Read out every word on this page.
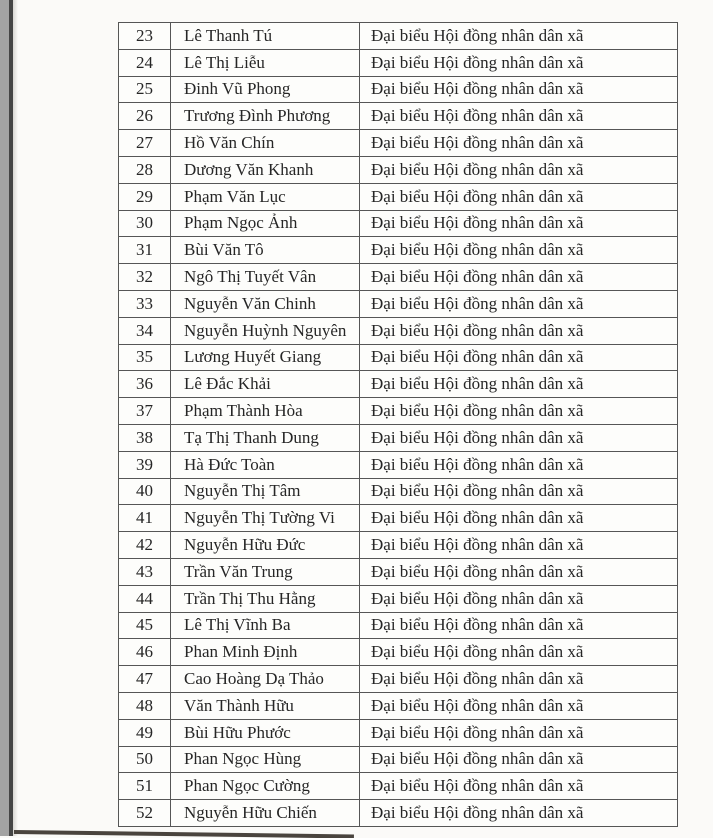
23	Lê Thanh Tú	Đại biểu Hội đồng nhân dân xã
24	Lê Thị Liễu	Đại biểu Hội đồng nhân dân xã
25	Đinh Vũ Phong	Đại biểu Hội đồng nhân dân xã
26	Trương Đình Phương	Đại biểu Hội đồng nhân dân xã
27	Hồ Văn Chín	Đại biểu Hội đồng nhân dân xã
28	Dương Văn Khanh	Đại biểu Hội đồng nhân dân xã
29	Phạm Văn Lục	Đại biểu Hội đồng nhân dân xã
30	Phạm Ngọc Ảnh	Đại biểu Hội đồng nhân dân xã
31	Bùi Văn Tô	Đại biểu Hội đồng nhân dân xã
32	Ngô Thị Tuyết Vân	Đại biểu Hội đồng nhân dân xã
33	Nguyễn Văn Chinh	Đại biểu Hội đồng nhân dân xã
34	Nguyễn Huỳnh Nguyên	Đại biểu Hội đồng nhân dân xã
35	Lương Huyết Giang	Đại biểu Hội đồng nhân dân xã
36	Lê Đắc Khải	Đại biểu Hội đồng nhân dân xã
37	Phạm Thành Hòa	Đại biểu Hội đồng nhân dân xã
38	Tạ Thị Thanh Dung	Đại biểu Hội đồng nhân dân xã
39	Hà Đức Toàn	Đại biểu Hội đồng nhân dân xã
40	Nguyễn Thị Tâm	Đại biểu Hội đồng nhân dân xã
41	Nguyễn Thị Tường Vi	Đại biểu Hội đồng nhân dân xã
42	Nguyễn Hữu Đức	Đại biểu Hội đồng nhân dân xã
43	Trần Văn Trung	Đại biểu Hội đồng nhân dân xã
44	Trần Thị Thu Hằng	Đại biểu Hội đồng nhân dân xã
45	Lê Thị Vĩnh Ba	Đại biểu Hội đồng nhân dân xã
46	Phan Minh Định	Đại biểu Hội đồng nhân dân xã
47	Cao Hoàng Dạ Thảo	Đại biểu Hội đồng nhân dân xã
48	Văn Thành Hữu	Đại biểu Hội đồng nhân dân xã
49	Bùi Hữu Phước	Đại biểu Hội đồng nhân dân xã
50	Phan Ngọc Hùng	Đại biểu Hội đồng nhân dân xã
51	Phan Ngọc Cường	Đại biểu Hội đồng nhân dân xã
52	Nguyễn Hữu Chiến	Đại biểu Hội đồng nhân dân xã
